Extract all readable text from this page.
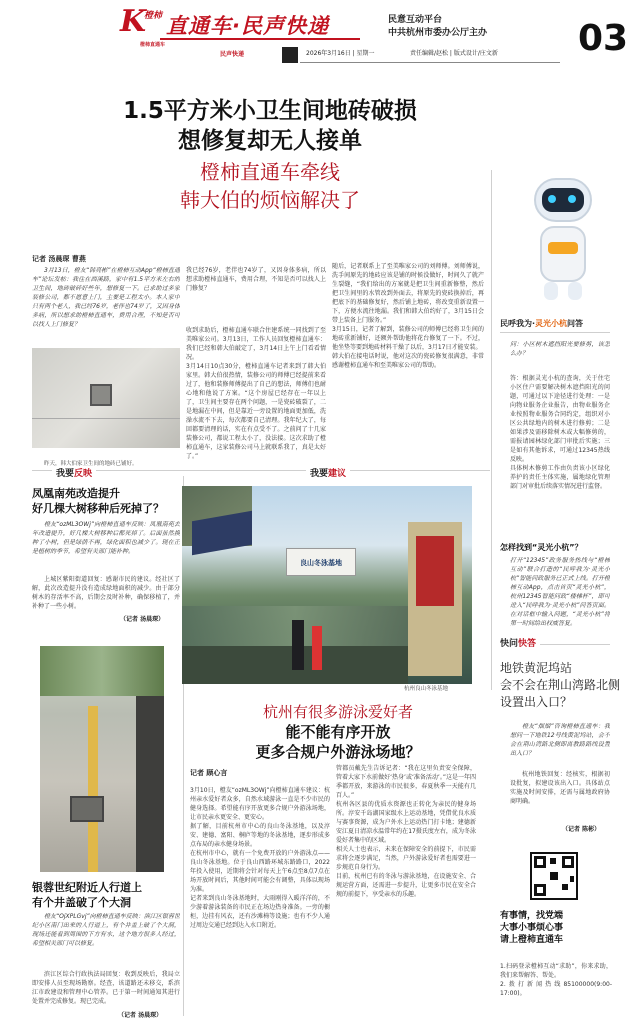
K
橙柿 直通车·民声快递
橙柿直通车
民声快递
民意互动平台
中共杭州市委办公厅主办
2026年3月16日 | 星期一	责任编辑/赵松 | 版式设计/庄文新 03
1.5平方米小卫生间地砖破损
想修复却无人接单
橙柿直通车牵线
韩大伯的烦恼解决了
记者 汤晨琛 曹燕

3月13日，橙友“韩亮彬”在橙柿互动App“橙柿直通车”论坛发帖：我住在西溪路，家中有1.5平方米左右的卫生间，地砖破碎好些年，想修复一下。已求助过多家装修公司，都不愿意上门，主要是工程太小。本人家中只有两个老人，我已经76岁，老伴也74岁了，又因身体多病，所以想求助橙柿直通车，费用合理，不知是否可以找人上门修复？

我已经76岁，老伴也74岁了，又因身体多病，所以想求助橙柿直通车，费用合理，不知是否可以找人上门修复？

昨天，韩大伯家卫生间的地砖已铺好。
收到求助后，橙柿直通车联合住建系统一同找到了至美唯家公司。3月13日，工作人员回复橙柿直通车：我们已经和韩大伯敲定了，3月14日上午上门看看情况。
3月14日10点30分，橙柿直通车记者来到了韩大伯家里。韩大伯很热情，装修公司的师傅已经提前来看过了，他和装修师傅提出了自己的想法，师傅们也耐心地和他说了方案。“这个房屋已经存在一年以上了，卫生间主要存在两个问题，一是瓷砖破裂了，二是地漏在中间，但是靠近一旁设置的地面更加低，洗澡水流不下去，每次都要自己清理。我年纪大了，每回都要清理的话，实在有点受不了。之前问了十几家装修公司，都说工程太小了，没法接。这次求助了橙柿直通车，这家装修公司马上就联系我了，真是太好了。”
随后，记者联系上了至美唯家公司的刘师傅。刘师傅说，洗手间原先的地砖应该是铺的时候没做好，时间久了就产生裂缝，“我们给出的方案就是把卫生间重新修整，然后把卫生间里的水管改到外面去，将原先的瓷砖换掉后，再把底下的基础修复好，然后铺上地砖，将改变重新设置一下，方便水流往地漏。我们和韩大伯约好了，3月15日会带上装备上门服务。”
3月15日，记者了解到，装修公司的师傅已经将卫生间的地砖重新铺好，还额外帮助他将花台修复了一下。不过，他坐垫等要到地砖材料干燥了以后，3月17日才能安装。
韩大伯在接电话时说，他对这次的瓷砖修复很满意，非常感谢橙柿直通车和至美唯家公司的帮助。
民呼我为·灵光小杭问答

问：小区树木遮挡阳光要修剪，该怎么办？

答：根据灵光小杭的查询，关于住宅小区住户需要解决树木遮挡阳光的问题，可通过以下途径进行处理：一是向物业服务企业报告，由物业服务企业按照物业服务合同约定，组织对小区公共绿地内的树木进行修剪；二是如果涉及需移除树木或大幅修剪的，需报请园林绿化部门审批后实施；三是如有其他诉求，可通过12345热线反映。
具体树木修剪工作由负责该小区绿化养护的责任主体实施，属地绿化管理部门对审批后续落实情况进行监督。
怎样找到“灵光小杭”？

打开“12345”政务服务热线与“橙柿互动”联合打造的“民呼我为·灵光小杭”智能问政服务已正式上线。打开橙柿互动App，点击首页“灵光小杭”，杭州12345智能问政“楼梯杯”，即可进入“民呼我为·灵光小杭”问答页面。在对话框中输入问题，“灵光小杭”将第一时间给出权威答复。

我要反映
凤凰南苑改造提升
好几棵大树移种后死掉了？

橙友“ozML3OWj”向橙柿直通车反映：凤凰南苑去年改造提升，好几棵大树移种后都死掉了。后面虽然换种了小树，但是绿荫不再，绿化面积也减少了。现在正是植树的季节，希望有关部门能补种。

上城区紫阳街道回复：感谢市民的建议。经社区了解，此次改造提升没有造成绿地面积的减少。由于部分树木的存活率不高，后期会及时补种，确保移植了，并补种了一些小树。

（记者 汤晨琛）
银蓉世纪附近人行道上
有个井盖破了个大洞

橙友“OjXPLGvj”向橙柿直通车反映：滨江区银蓉世纪小区南门出来的人行道上，有个井盖上破了个大洞，现场还能看到周围的下方有水，这个地方很多人经过，希望相关部门可以修复。

滨江区综合行政执法局回复：收到反映后，我局立即安排人员至现场勘察。经查，该道路还未移交，系滨江市政建设和管理中心管养。已于第一时间通知其进行处置并完成修复。现已完成。

（记者 汤晨琛）
我要建议
良山冬泳基地
杭州良山冬泳基地
杭州有很多游泳爱好者
能不能有序开放
更多合规户外游泳场地？
记者 顾心言
3月10日，橙友“ozML3OWj”向橙柿直通车建议：杭州亲水爱好者众多，自然水域游泳一直是不少市民的健身选择。希望能有序开放更多合规户外游泳场地，让市民亲水更安全、更安心。
据了解，目前杭州市中心的良山冬泳基地，以及淳安、建德、富阳、桐庐等地的冬泳基地，逐步形成多点布局的亲水健身场景。
在杭州市中心，就有一个免费开放的户外游泳点——良山冬泳基地。位于良山西路环城东路路口，2022年投入使用，近期将会针对每天上午6点至8点7点在场开放时间后，其他时间可能会有调整，具体以现场为准。
记者来到良山冬泳基地时，大雨刚得入暖洋洋的，不少游着游泳装备的市民正在场边热身准备。一旁的橱柜，边挂有风衣，还有沙滩椅等设施；也有不少人通过周边交通已经到达入水口附近。
管都员戴先生告诉记者：“我在这里负责安全保障，管着大家下水前做好‘热身’或‘准备活动’。”这是一年四季都开放，来游泳的市民很多，春夏秋季一天能有几百人。”
杭州各区县的优质水资源也正转化为亲民的健身场所。淳安千岛湖国家级水上运动基地，凭借优良水质与赛事资源，成为户外水上运动热门打卡地；建德新安江夏日清凉水温常年约在17摄氏度左右，成为冬泳爱好者集中的区域。
相关人士也表示，未来在保障安全的前提下，市民需求将会逐步满足，当然，户外游泳爱好者也需要进一步规范自身行为。
目前，杭州已有的冬泳与游泳基地，在设施安全、合规运营方面，还需进一步提升，让更多市民在安全合规的前提下，享受亲水的乐趣。
快问快答
地铁黄泥坞站
会不会在荆山湾路北侧
设置出入口？

橙友“烟烟”咨询橙柿直通车：我想问一下地铁12号线黄泥坞站，会不会在荆山湾路北侧即离教路路线设置出入口？

杭州地铁回复：经核实，根据初设批复，拟建设该出入口。具体站点实施及时间安排，还需与属地政府协商明确。

（记者 陈彬）
有事情，找党端
大事小事烦心事
请上橙柿直通车
1.扫码登录橙柿互动“求助”，你来求助，我们来帮解答、帮处。
2.拨打新闻热线85100000(9:00-17:00)。
